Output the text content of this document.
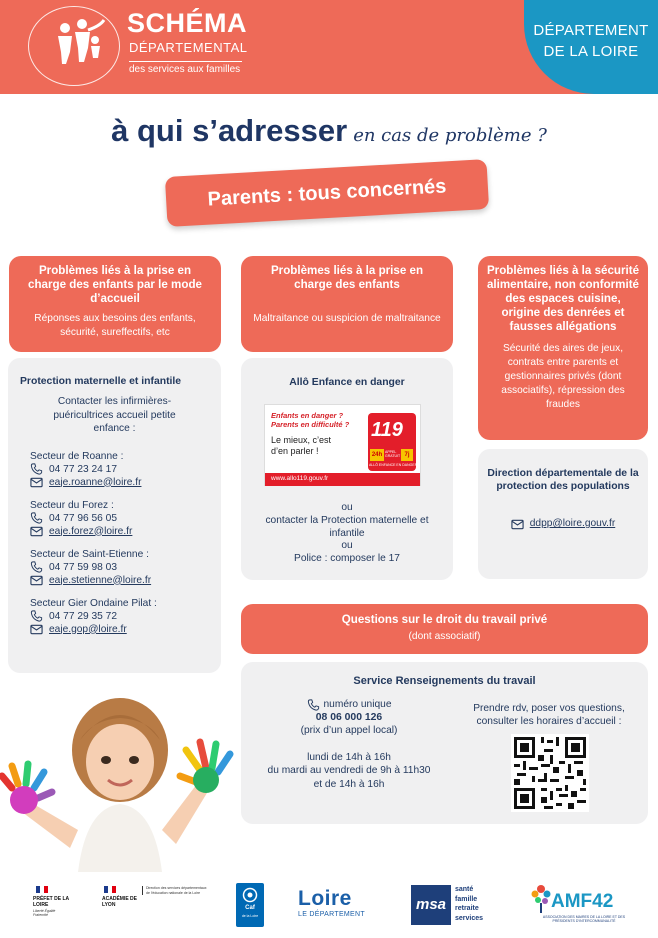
SCHÉMA
DÉPARTEMENTAL
des services aux familles
DÉPARTEMENT
DE LA LOIRE
à qui s’adresser en cas de problème ?
Parents : tous concernés
Problèmes liés à la prise en charge des enfants par le mode d’accueil
Réponses aux besoins des enfants, sécurité, sureffectifs, etc
Protection maternelle et infantile
Contacter les infirmières-puéricultrices accueil petite enfance :
Secteur de Roanne :
04 77 23 24 17
eaje.roanne@loire.fr
Secteur du Forez :
04 77 96 56 05
eaje.forez@loire.fr
Secteur de Saint-Etienne :
04 77 59 98 03
eaje.stetienne@loire.fr
Secteur Gier Ondaine Pilat :
04 77 29 35 72
eaje.gop@loire.fr
Problèmes liés à la prise en charge des enfants
Maltraitance ou suspicion de maltraitance
Allô Enfance en danger
Enfants en danger ?
Parents en difficulté ?
Le mieux, c’est
d’en parler !
119
24h APPEL GRATUIT 7j
ALLÔ ENFANCE EN DANGER
www.allo119.gouv.fr
ou
contacter la Protection maternelle et infantile
ou
Police : composer le 17
Problèmes liés à la sécurité alimentaire, non conformité des espaces cuisine, origine des denrées et fausses allégations
Sécurité des aires de jeux, contrats entre parents et gestionnaires privés (dont associatifs), répression des fraudes
Direction départementale de la protection des populations
ddpp@loire.gouv.fr
Questions sur le droit du travail privé
(dont associatif)
Service Renseignements du travail
numéro unique
08 06 000 126
(prix d’un appel local)
lundi de 14h à 16h
du mardi au vendredi de 9h à 11h30
et de 14h à 16h
Prendre rdv, poser vos questions, consulter les horaires d’accueil :
PRÉFET DE LA LOIRE
Liberté Égalité Fraternité
ACADÉMIE DE LYON
Direction des services départementaux de l’éducation nationale de la Loire
Caf
de la Loire
Loire
LE DÉPARTEMENT
msa
santé
famille
retraite
services
AMF42
ASSOCIATION DES MAIRES DE LA LOIRE ET DES PRÉSIDENTS D’INTERCOMMUNALITÉ
